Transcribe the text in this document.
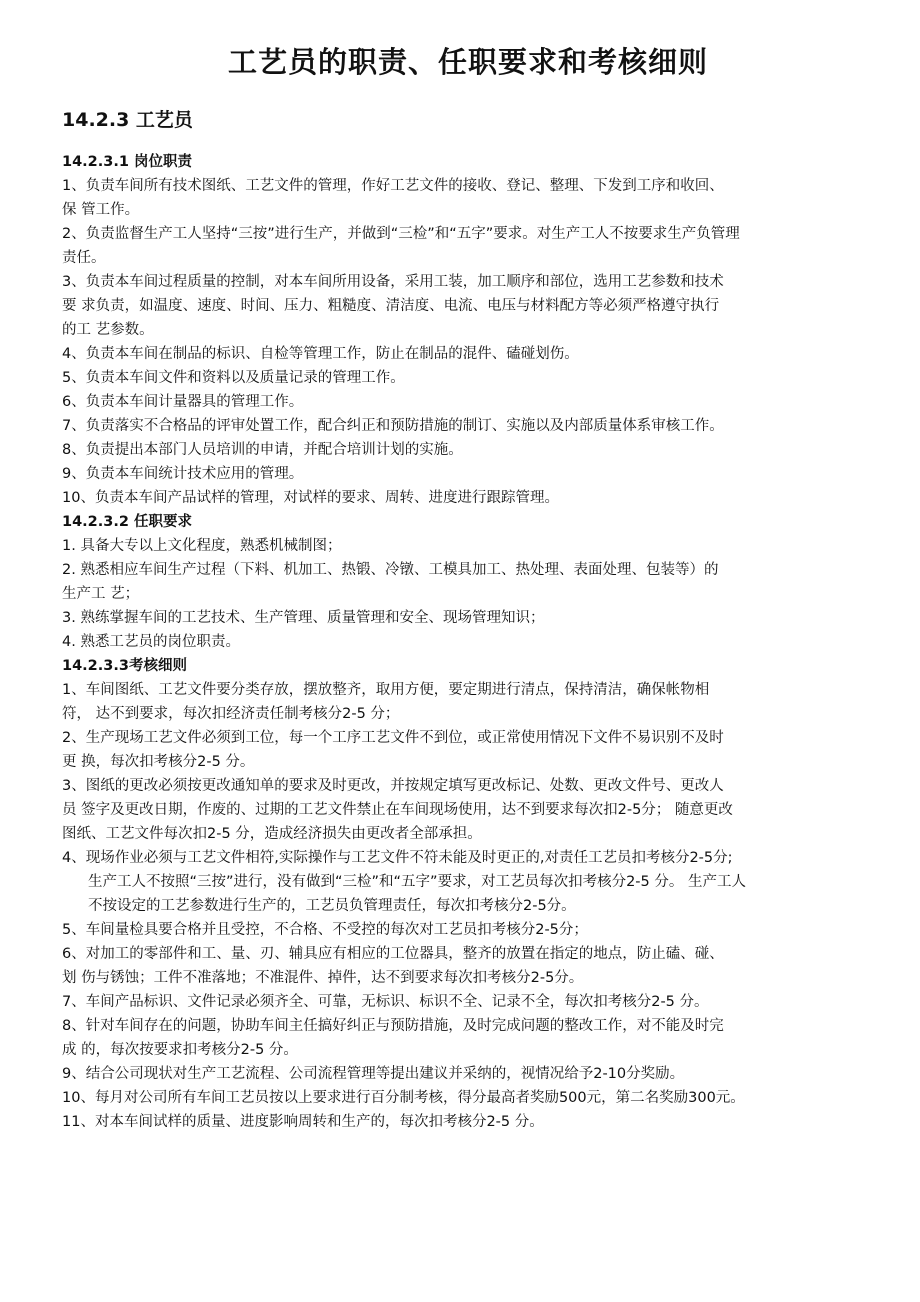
工艺员的职责、任职要求和考核细则
14.2.3 工艺员
14.2.3.1 岗位职责
1、负责车间所有技术图纸、工艺文件的管理，作好工艺文件的接收、登记、整理、下发到工序和收回、
保 管工作。
2、负责监督生产工人坚持“三按”进行生产，并做到“三检”和“五字”要求。对生产工人不按要求生产负管理
责任。
3、负责本车间过程质量的控制，对本车间所用设备，采用工装，加工顺序和部位，选用工艺参数和技术
要 求负责，如温度、速度、时间、压力、粗糙度、清洁度、电流、电压与材料配方等必须严格遵守执行
的工 艺参数。
4、负责本车间在制品的标识、自检等管理工作，防止在制品的混件、磕碰划伤。
5、负责本车间文件和资料以及质量记录的管理工作。
6、负责本车间计量器具的管理工作。
7、负责落实不合格品的评审处置工作，配合纠正和预防措施的制订、实施以及内部质量体系审核工作。
8、负责提出本部门人员培训的申请，并配合培训计划的实施。
9、负责本车间统计技术应用的管理。
10、负责本车间产品试样的管理，对试样的要求、周转、进度进行跟踪管理。
14.2.3.2 任职要求
1. 具备大专以上文化程度，熟悉机械制图；
2. 熟悉相应车间生产过程（下料、机加工、热锻、冷镦、工模具加工、热处理、表面处理、包装等）的
生产工 艺；
3. 熟练掌握车间的工艺技术、生产管理、质量管理和安全、现场管理知识；
4. 熟悉工艺员的岗位职责。
14.2.3.3考核细则
1、车间图纸、工艺文件要分类存放，摆放整齐，取用方便，要定期进行清点，保持清洁，确保帐物相
符， 达不到要求，每次扣经济责任制考核分2-5 分；
2、生产现场工艺文件必须到工位，每一个工序工艺文件不到位，或正常使用情况下文件不易识别不及时
更 换，每次扣考核分2-5 分。
3、图纸的更改必须按更改通知单的要求及时更改，并按规定填写更改标记、处数、更改文件号、更改人
员 签字及更改日期，作废的、过期的工艺文件禁止在车间现场使用，达不到要求每次扣2-5分； 随意更改
图纸、工艺文件每次扣2-5 分，造成经济损失由更改者全部承担。
4、现场作业必须与工艺文件相符,实际操作与工艺文件不符未能及时更正的,对责任工艺员扣考核分2-5分;
生产工人不按照“三按”进行，没有做到“三检”和“五字”要求，对工艺员每次扣考核分2-5 分。 生产工人
不按设定的工艺参数进行生产的，工艺员负管理责任，每次扣考核分2-5分。
5、车间量检具要合格并且受控，不合格、不受控的每次对工艺员扣考核分2-5分；
6、对加工的零部件和工、量、刃、辅具应有相应的工位器具，整齐的放置在指定的地点，防止磕、碰、
划 伤与锈蚀；工件不准落地；不准混件、掉件，达不到要求每次扣考核分2-5分。
7、车间产品标识、文件记录必须齐全、可靠，无标识、标识不全、记录不全，每次扣考核分2-5 分。
8、针对车间存在的问题，协助车间主任搞好纠正与预防措施，及时完成问题的整改工作，对不能及时完
成 的，每次按要求扣考核分2-5 分。
9、结合公司现状对生产工艺流程、公司流程管理等提出建议并采纳的，视情况给予2-10分奖励。
10、每月对公司所有车间工艺员按以上要求进行百分制考核，得分最高者奖励500元，第二名奖励300元。
11、对本车间试样的质量、进度影响周转和生产的，每次扣考核分2-5 分。
